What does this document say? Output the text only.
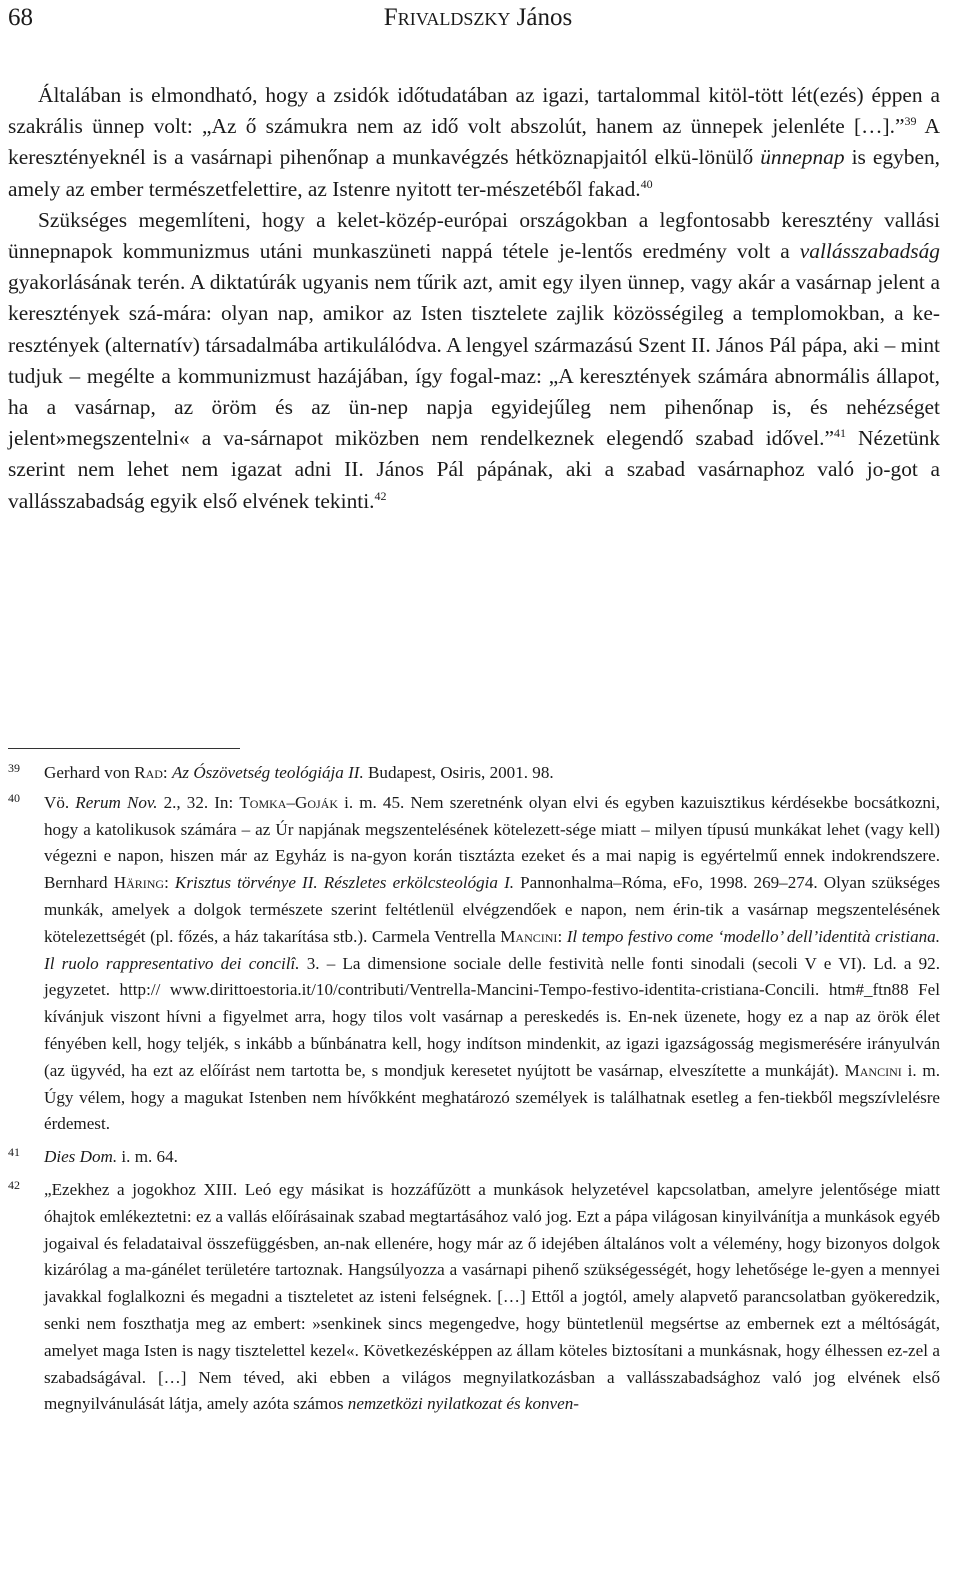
68	Frivaldszky János

Általában is elmondható, hogy a zsidók időtudatában az igazi, tartalommal kitöl-tött lét(ezés) éppen a szakrális ünnep volt: „Az ő számukra nem az idő volt abszolút, hanem az ünnepek jelenléte […].”$^{39}$ A keresztényeknél is a vasárnapi pihenőnap a munkavégzés hétköznapjaitól elkü-lönülő ünnepnap is egyben, amely az ember természetfelettire, az Istenre nyitott ter-mészetéből fakad.$^{40}$

Szükséges megemlíteni, hogy a kelet-közép-európai országokban a legfontosabb keresztény vallási ünnepnapok kommunizmus utáni munkaszüneti nappá tétele je-lentős eredmény volt a vallásszabadság gyakorlásának terén. A diktatúrák ugyanis nem tűrik azt, amit egy ilyen ünnep, vagy akár a vasárnap jelent a keresztények szá-mára: olyan nap, amikor az Isten tisztelete zajlik közösségileg a templomokban, a ke-resztények (alternatív) társadalmába artikulálódva. A lengyel származású Szent II. János Pál pápa, aki – mint tudjuk – megélte a kommunizmust hazájában, így fogal-maz: „A keresztények számára abnormális állapot, ha a vasárnap, az öröm és az ün-nep napja egyidejűleg nem pihenőnap is, és nehézséget jelent»megszentelni« a va-sárnapot miközben nem rendelkeznek elegendő szabad idővel.”$^{41}$ Nézetünk szerint nem lehet nem igazat adni II. János Pál pápának, aki a szabad vasárnaphoz való jo-got a vallásszabadság egyik első elvének tekinti.$^{42}$

39 Gerhard von Rad: Az Ószövetség teológiája II. Budapest, Osiris, 2001. 98.
40 Vö. Rerum Nov. 2., 32. In: Tomka–Goják i. m. 45. Nem szeretnénk olyan elvi és egyben kazuisztikus kérdésekbe bocsátkozni, hogy a katolikusok számára – az Úr napjának megszentelésének kötelezett-sége miatt – milyen típusú munkákat lehet (vagy kell) végezni e napon, hiszen már az Egyház is na-gyon korán tisztázta ezeket és a mai napig is egyértelmű ennek indokrendszere. Bernhard Häring: Krisztus törvénye II. Részletes erkölcsteológia I. Pannonhalma–Róma, eFo, 1998. 269–274. Olyan szükséges munkák, amelyek a dolgok természete szerint feltétlenül elvégzendőek e napon, nem érin-tik a vasárnap megszentelésének kötelezettségét (pl. főzés, a ház takarítása stb.). Carmela Ventrella Mancini: Il tempo festivo come ‘modello’ dell’identità cristiana. Il ruolo rappresentativo dei concilî. 3. – La dimensione sociale delle festività nelle fonti sinodali (secoli V e VI). Ld. a 92. jegyzetet. http:// www.dirittoestoria.it/10/contributi/Ventrella-Mancini-Tempo-festivo-identita-cristiana-Concili. htm#_ftn88 Fel kívánjuk viszont hívni a figyelmet arra, hogy tilos volt vasárnap a pereskedés is. En-nek üzenete, hogy ez a nap az örök élet fényében kell, hogy teljék, s inkább a bűnbánatra kell, hogy indítson mindenkit, az igazi igazságosság megismerésére irányulván (az ügyvéd, ha ezt az előírást nem tartotta be, s mondjuk keresetet nyújtott be vasárnap, elveszítette a munkáját). Mancini i. m. Úgy vélem, hogy a magukat Istenben nem hívőkként meghatározó személyek is találhatnak esetleg a fen-tiekből megszívlelésre érdemest.
41 Dies Dom. i. m. 64.
42 „Ezekhez a jogokhoz XIII. Leó egy másikat is hozzáfűzött a munkások helyzetével kapcsolatban, amelyre jelentősége miatt óhajtok emlékeztetni: ez a vallás előírásainak szabad megtartásához való jog. Ezt a pápa világosan kinyilvánítja a munkások egyéb jogaival és feladataival összefüggésben, an-nak ellenére, hogy már az ő idejében általános volt a vélemény, hogy bizonyos dolgok kizárólag a ma-gánélet területére tartoznak. Hangsúlyozza a vasárnapi pihenő szükségességét, hogy lehetősége le-gyen a mennyei javakkal foglalkozni és megadni a tiszteletet az isteni felségnek. […] Ettől a jogtól, amely alapvető parancsolatban gyökeredzik, senki nem foszthatja meg az embert: »senkinek sincs megengedve, hogy büntetlenül megsértse az embernek ezt a méltóságát, amelyet maga Isten is nagy tisztelettel kezel«. Következésképpen az állam köteles biztosítani a munkásnak, hogy élhessen ez-zel a szabadságával. […] Nem téved, aki ebben a világos megnyilatkozásban a vallásszabadsághoz való jog elvének első megnyilvánulását látja, amely azóta számos nemzetközi nyilatkozat és konven-
